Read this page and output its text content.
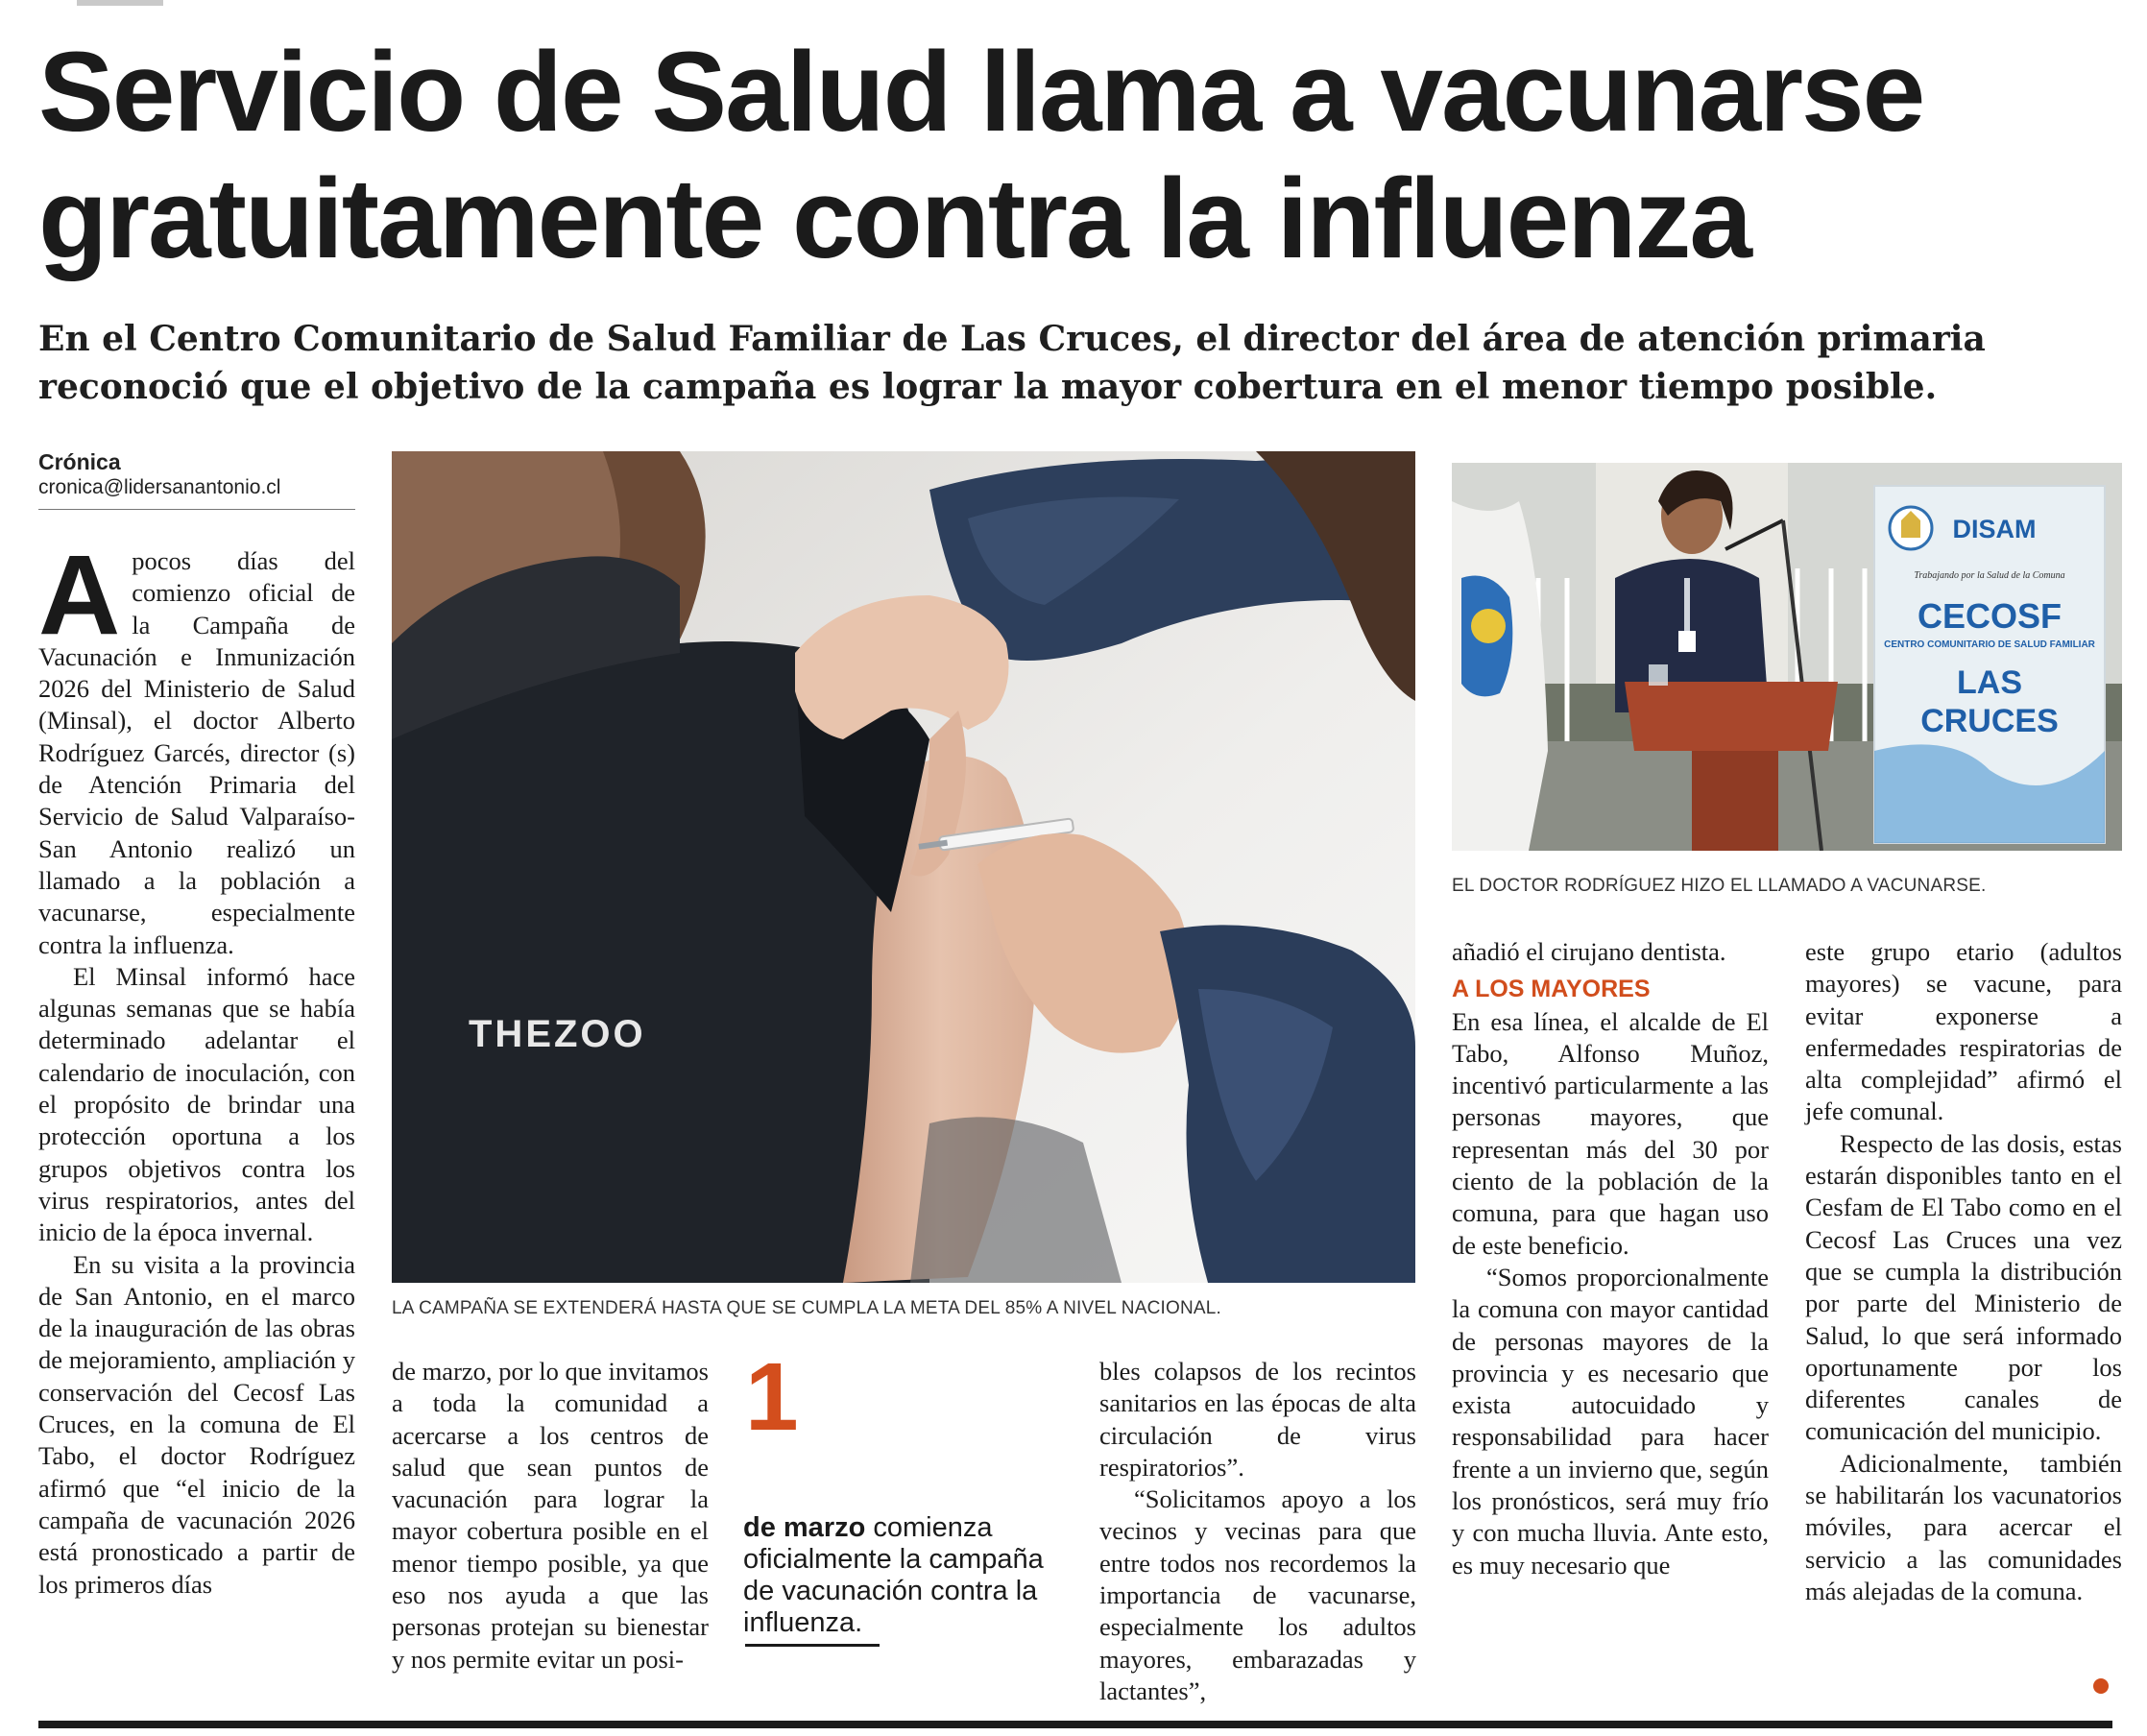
Servicio de Salud llama a vacunarse gratuitamente contra la influenza

En el Centro Comunitario de Salud Familiar de Las Cruces, el director del área de atención primaria reconoció que el objetivo de la campaña es lograr la mayor cobertura en el menor tiempo posible.

Crónica
cronica@lidersanantonio.cl

Apocos días del comienzo oficial de la Campaña de Vacunación e Inmunización 2026 del Ministerio de Salud (Minsal), el doctor Alberto Rodríguez Garcés, director (s) de Atención Primaria del Servicio de Salud Valparaíso-San Antonio realizó un llamado a la población a vacunarse, especialmente contra la influenza.

El Minsal informó hace algunas semanas que se había determinado adelantar el calendario de inoculación, con el propósito de brindar una protección oportuna a los grupos objetivos contra los virus respiratorios, antes del inicio de la época invernal.

En su visita a la provincia de San Antonio, en el marco de la inauguración de las obras de mejoramiento, ampliación y conservación del Cecosf Las Cruces, en la comuna de El Tabo, el doctor Rodríguez afirmó que “el inicio de la campaña de vacunación 2026 está pronosticado a partir de los primeros días

THEZOO
LA CAMPAÑA SE EXTENDERÁ HASTA QUE SE CUMPLA LA META DEL 85% A NIVEL NACIONAL.
DISAM
Trabajando por la Salud de la Comuna
CECOSF
CENTRO COMUNITARIO DE SALUD FAMILIAR
LAS
CRUCES
EL DOCTOR RODRÍGUEZ HIZO EL LLAMADO A VACUNARSE.

de marzo, por lo que invitamos a toda la comunidad a acercarse a los centros de salud que sean puntos de vacunación para lograr la mayor cobertura posible en el menor tiempo posible, ya que eso nos ayuda a que las personas protejan su bienestar y nos permite evitar un posi-

1
de marzo comienza oficialmente la campaña de vacunación contra la influenza.

bles colapsos de los recintos sanitarios en las épocas de alta circulación de virus respiratorios”.

“Solicitamos apoyo a los vecinos y vecinas para que entre todos nos recordemos la importancia de vacunarse, especialmente los adultos mayores, embarazadas y lactantes”,

añadió el cirujano dentista.

A LOS MAYORES

En esa línea, el alcalde de El Tabo, Alfonso Muñoz, incentivó particularmente a las personas mayores, que representan más del 30 por ciento de la población de la comuna, para que hagan uso de este beneficio.

“Somos proporcionalmente la comuna con mayor cantidad de personas mayores de la provincia y es necesario que exista autocuidado y responsabilidad para hacer frente a un invierno que, según los pronósticos, será muy frío y con mucha lluvia. Ante esto, es muy necesario que

este grupo etario (adultos mayores) se vacune, para evitar exponerse a enfermedades respiratorias de alta complejidad” afirmó el jefe comunal.

Respecto de las dosis, estas estarán disponibles tanto en el Cesfam de El Tabo como en el Cecosf Las Cruces una vez que se cumpla la distribución por parte del Ministerio de Salud, lo que será informado oportunamente por los diferentes canales de comunicación del municipio.

Adicionalmente, también se habilitarán los vacunatorios móviles, para acercar el servicio a las comunidades más alejadas de la comuna.
